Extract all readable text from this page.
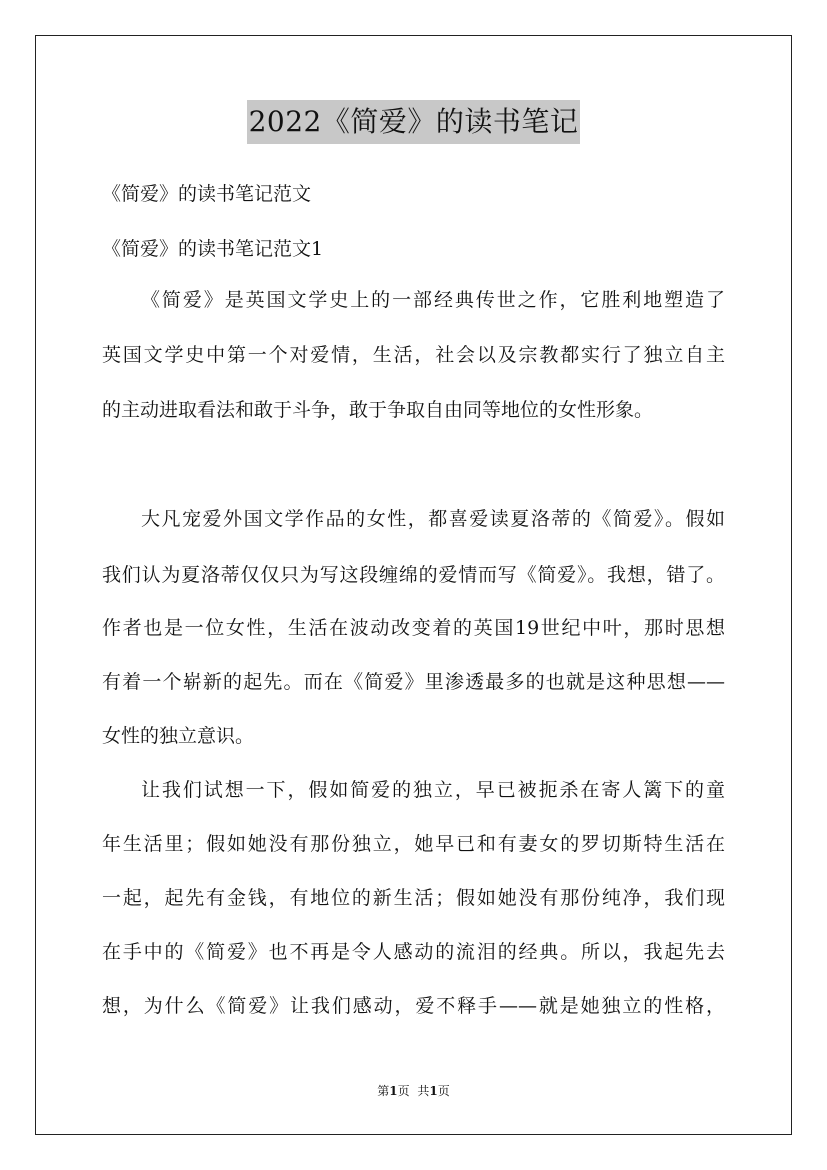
2022《简爱》的读书笔记
《简爱》的读书笔记范文
《简爱》的读书笔记范文1
《简爱》是英国文学史上的一部经典传世之作，它胜利地塑造了
英国文学史中第一个对爱情，生活，社会以及宗教都实行了独立自主
的主动进取看法和敢于斗争，敢于争取自由同等地位的女性形象。
大凡宠爱外国文学作品的女性，都喜爱读夏洛蒂的《简爱》。假如
我们认为夏洛蒂仅仅只为写这段缠绵的爱情而写《简爱》。我想，错了。
作者也是一位女性，生活在波动改变着的英国19世纪中叶，那时思想
有着一个崭新的起先。而在《简爱》里渗透最多的也就是这种思想——
女性的独立意识。
让我们试想一下，假如简爱的独立，早已被扼杀在寄人篱下的童
年生活里；假如她没有那份独立，她早已和有妻女的罗切斯特生活在
一起，起先有金钱，有地位的新生活；假如她没有那份纯净，我们现
在手中的《简爱》也不再是令人感动的流泪的经典。所以，我起先去
想，为什么《简爱》让我们感动，爱不释手——就是她独立的性格，
第1页 共1页
